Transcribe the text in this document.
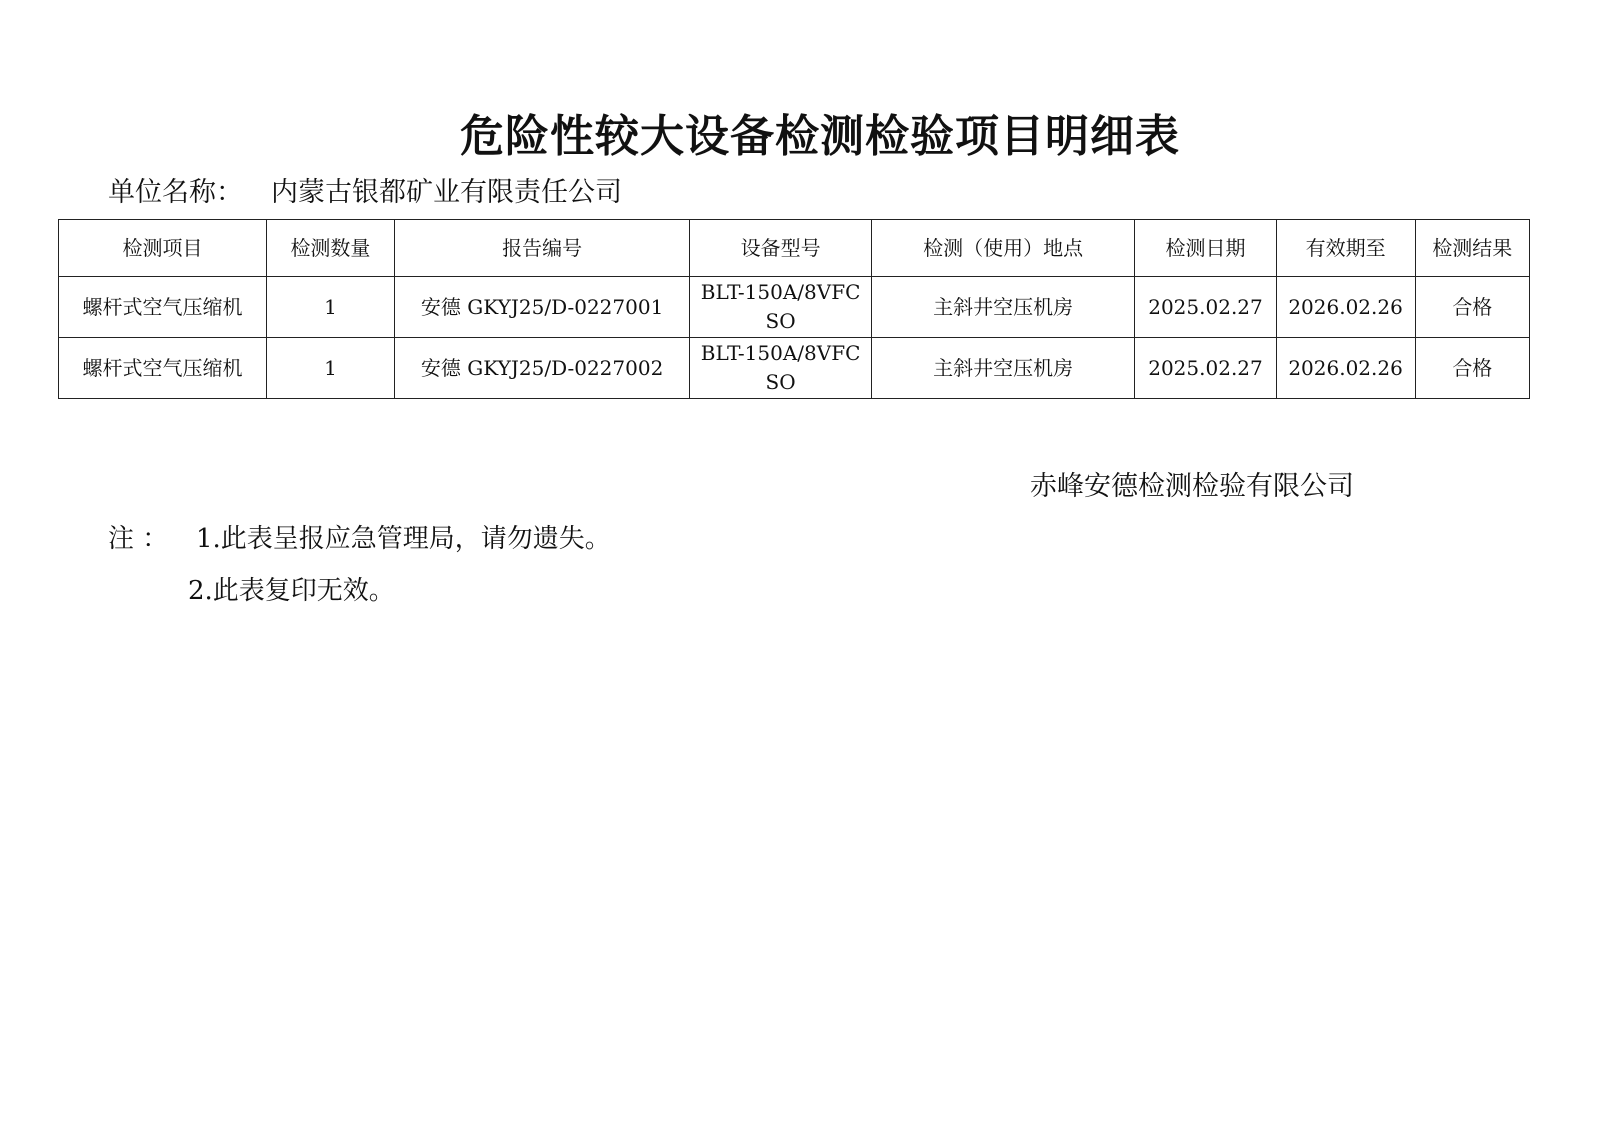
危险性较大设备检测检验项目明细表
单位名称： 内蒙古银都矿业有限责任公司
检测项目	检测数量	报告编号	设备型号	检测（使用）地点	检测日期	有效期至	检测结果
螺杆式空气压缩机	1	安德 GKYJ25/D-0227001	BLT-150A/8VFCSO	主斜井空压机房	2025.02.27	2026.02.26	合格
螺杆式空气压缩机	1	安德 GKYJ25/D-0227002	BLT-150A/8VFCSO	主斜井空压机房	2025.02.27	2026.02.26	合格
赤峰安德检测检验有限公司
注 ： 1.此表呈报应急管理局，请勿遗失。
2.此表复印无效。
